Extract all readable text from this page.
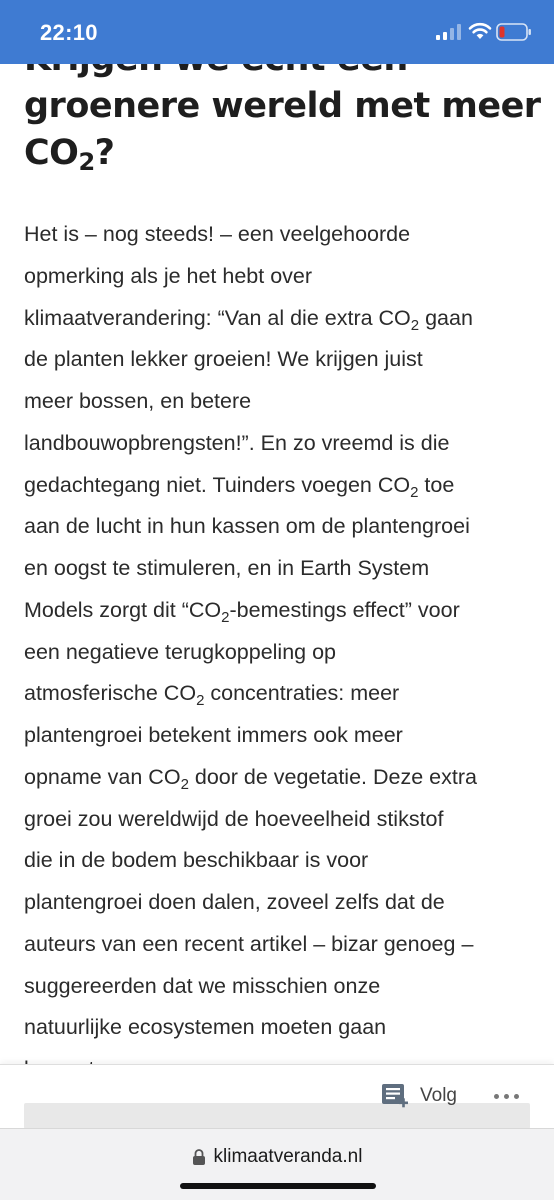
groenere wereld met meer
CO2?
Het is – nog steeds! – een veelgehoorde
opmerking als je het hebt over
klimaatverandering: “Van al die extra $CO_2$ gaan
de planten lekker groeien! We krijgen juist
meer bossen, en betere
landbouwopbrengsten!”. En zo vreemd is die
gedachtegang niet. Tuinders voegen $CO_2$ toe
aan de lucht in hun kassen om de plantengroei
en oogst te stimuleren, en in Earth System
Models zorgt dit “$CO_2$-bemestings effect” voor
een negatieve terugkoppeling op
atmosferische $CO_2$ concentraties: meer
plantengroei betekent immers ook meer
opname van $CO_2$ door de vegetatie. Deze extra
groei zou wereldwijd de hoeveelheid stikstof
die in de bodem beschikbaar is voor
plantengroei doen dalen, zoveel zelfs dat de
auteurs van een recent artikel – bizar genoeg –
suggereerden dat we misschien onze
natuurlijke ecosystemen moeten gaan
22:10
Volg
klimaatveranda.nl
